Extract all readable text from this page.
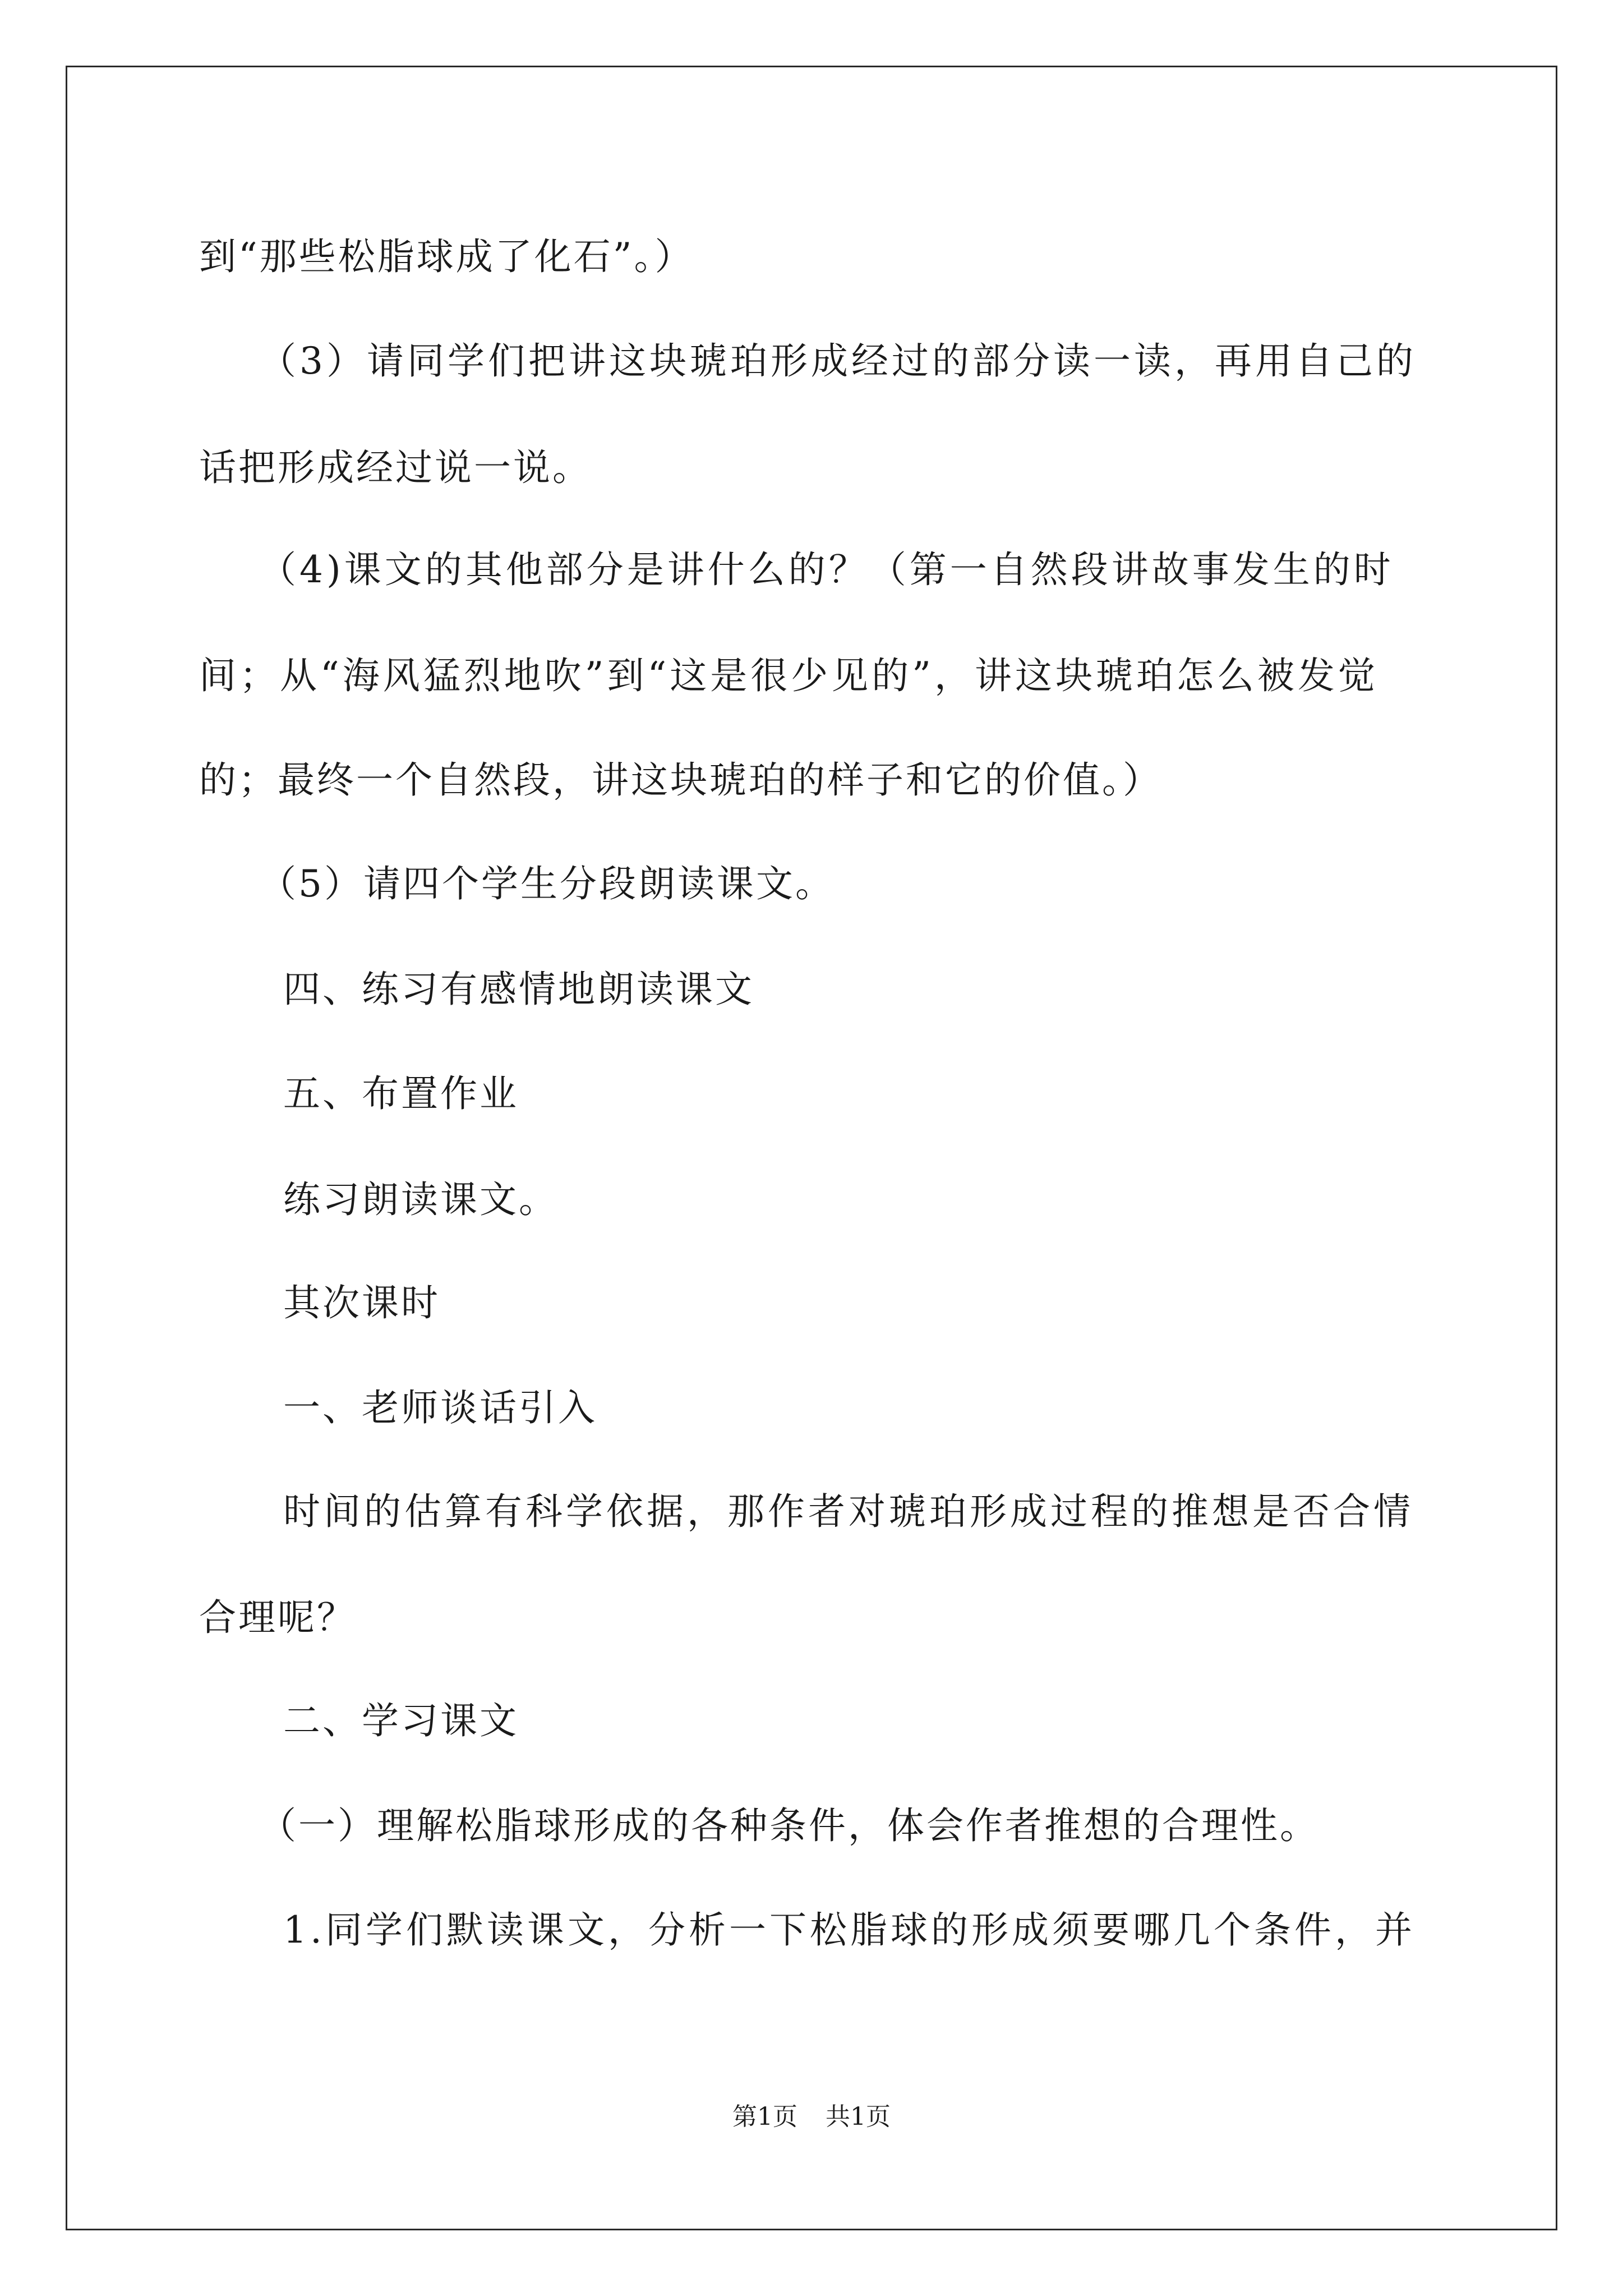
到“那些松脂球成了化石”。）
（3）请同学们把讲这块琥珀形成经过的部分读一读，再用自己的
话把形成经过说一说。
（4)课文的其他部分是讲什么的？（第一自然段讲故事发生的时
间；从“海风猛烈地吹”到“这是很少见的”，讲这块琥珀怎么被发觉
的；最终一个自然段，讲这块琥珀的样子和它的价值。）
（5）请四个学生分段朗读课文。
四、练习有感情地朗读课文
五、布置作业
练习朗读课文。
其次课时
一、老师谈话引入
时间的估算有科学依据，那作者对琥珀形成过程的推想是否合情
合理呢？
二、学习课文
（一）理解松脂球形成的各种条件，体会作者推想的合理性。
1.同学们默读课文，分析一下松脂球的形成须要哪几个条件，并
第1页 共1页
